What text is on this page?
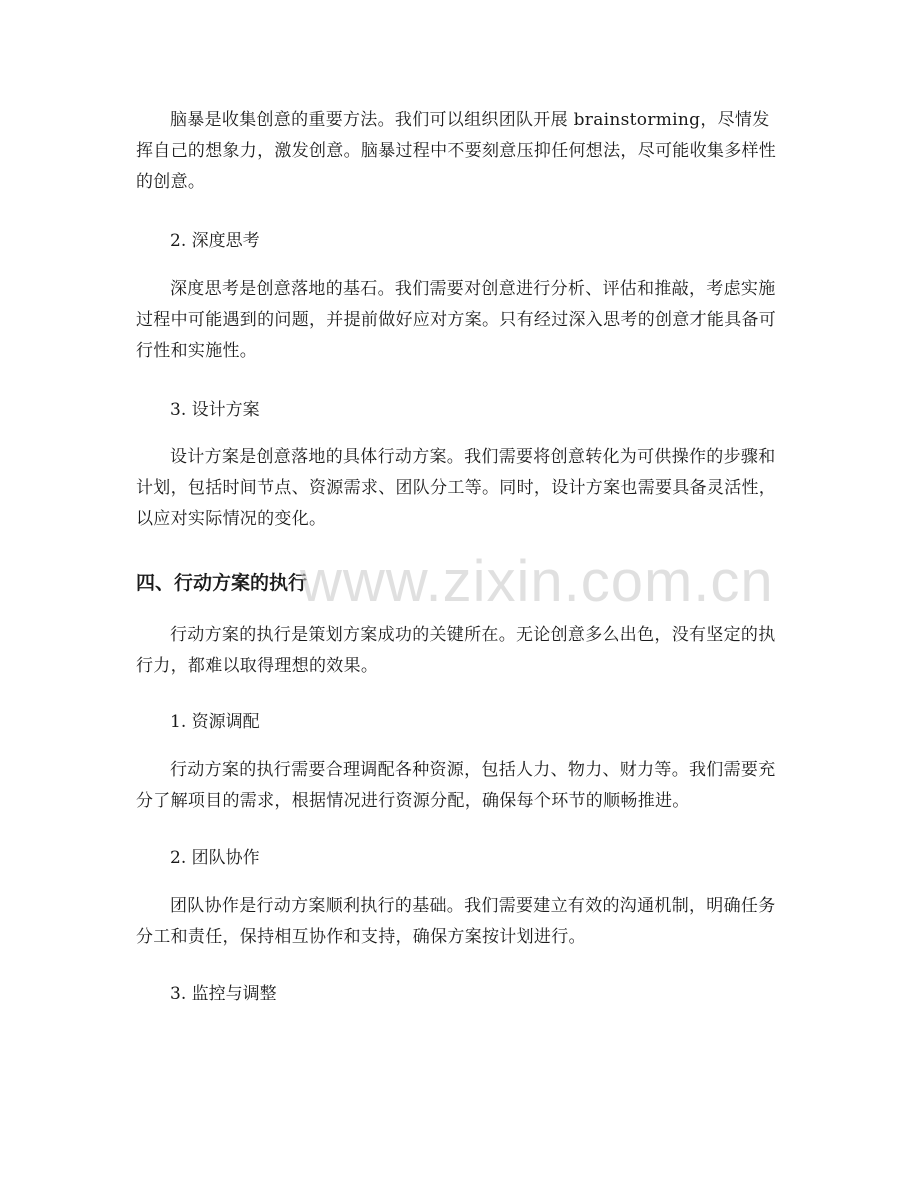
脑暴是收集创意的重要方法。我们可以组织团队开展 brainstorming，尽情发挥自己的想象力，激发创意。脑暴过程中不要刻意压抑任何想法，尽可能收集多样性的创意。

2. 深度思考

深度思考是创意落地的基石。我们需要对创意进行分析、评估和推敲，考虑实施过程中可能遇到的问题，并提前做好应对方案。只有经过深入思考的创意才能具备可行性和实施性。

3. 设计方案

设计方案是创意落地的具体行动方案。我们需要将创意转化为可供操作的步骤和计划，包括时间节点、资源需求、团队分工等。同时，设计方案也需要具备灵活性，以应对实际情况的变化。

四、行动方案的执行

行动方案的执行是策划方案成功的关键所在。无论创意多么出色，没有坚定的执行力，都难以取得理想的效果。

1. 资源调配

行动方案的执行需要合理调配各种资源，包括人力、物力、财力等。我们需要充分了解项目的需求，根据情况进行资源分配，确保每个环节的顺畅推进。

2. 团队协作

团队协作是行动方案顺利执行的基础。我们需要建立有效的沟通机制，明确任务分工和责任，保持相互协作和支持，确保方案按计划进行。

3. 监控与调整

www.zixin.com.cn
